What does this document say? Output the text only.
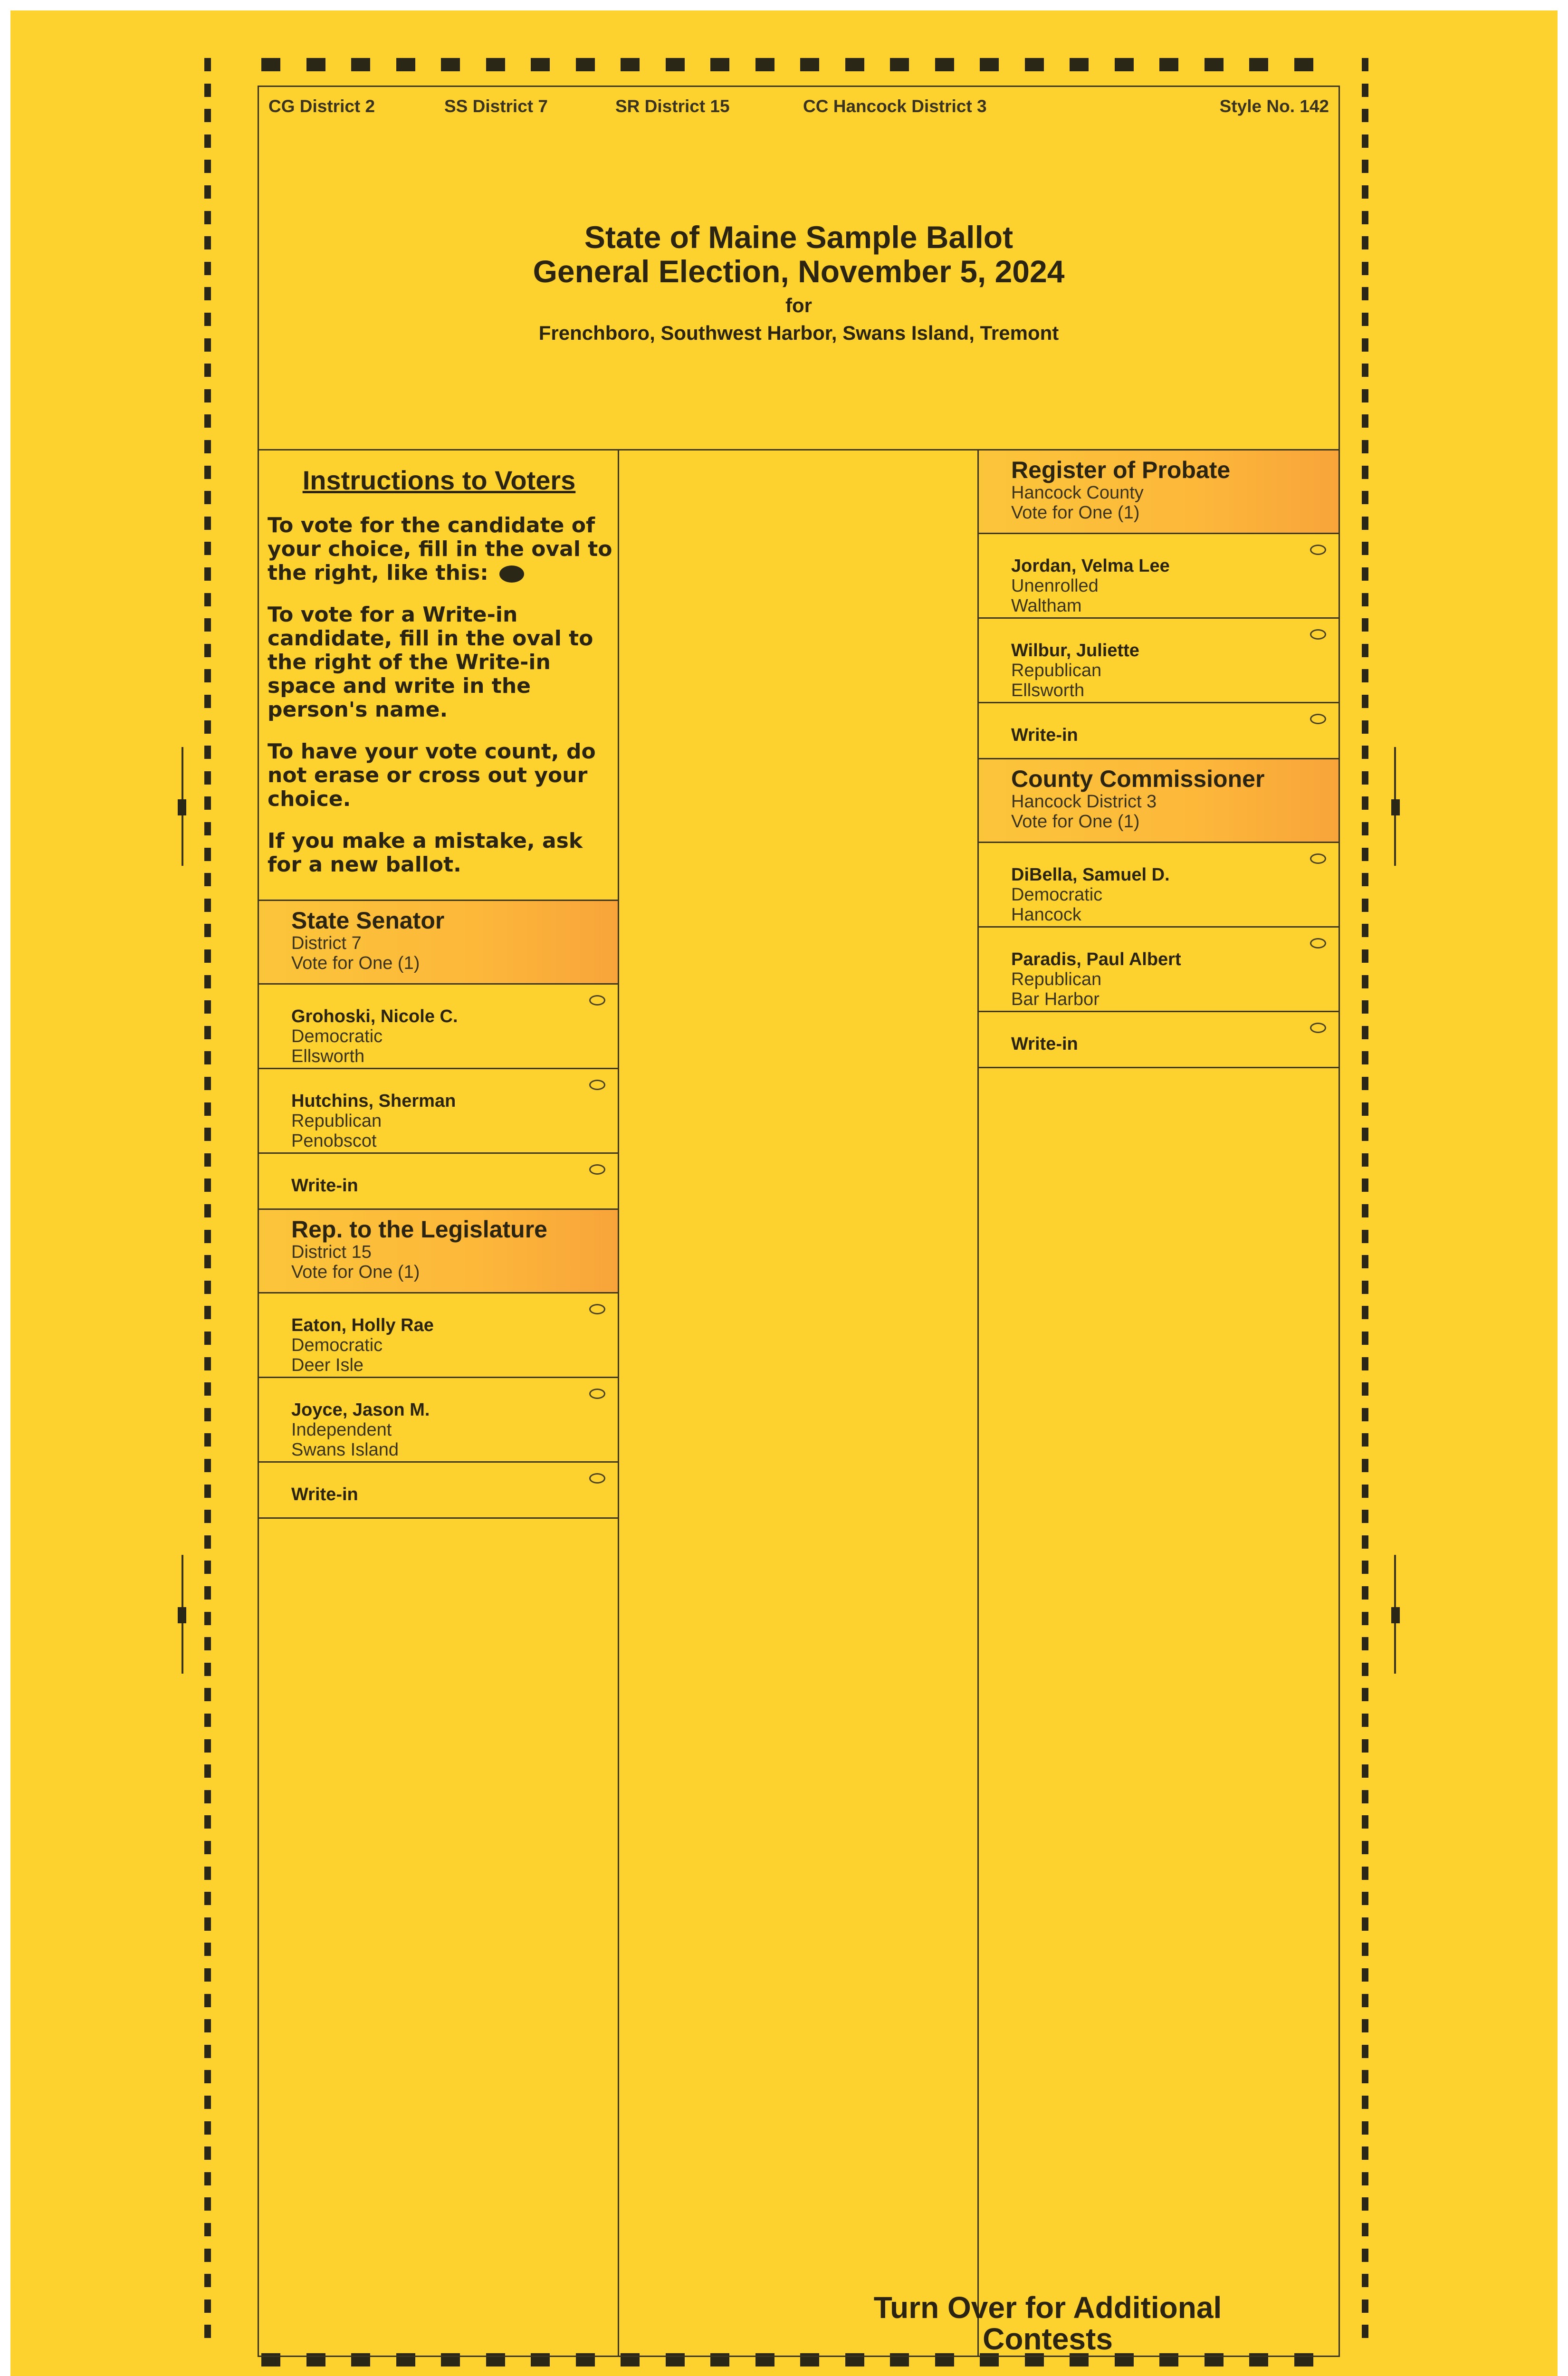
CG District 2	SS District 7	SR District 15	CC Hancock District 3	Style No. 142
State of Maine Sample Ballot
General Election, November 5, 2024
for
Frenchboro, Southwest Harbor, Swans Island, Tremont
Instructions to Voters
To vote for the candidate of your choice, fill in the oval to the right, like this:
To vote for a Write-in candidate, fill in the oval to the right of the Write-in space and write in the person's name.
To have your vote count, do not erase or cross out your choice.
If you make a mistake, ask for a new ballot.
State Senator
District 7
Vote for One (1)
Grohoski, Nicole C.
Democratic
Ellsworth
Hutchins, Sherman
Republican
Penobscot
Write-in
Rep. to the Legislature
District 15
Vote for One (1)
Eaton, Holly Rae
Democratic
Deer Isle
Joyce, Jason M.
Independent
Swans Island
Write-in
Register of Probate
Hancock County
Vote for One (1)
Jordan, Velma Lee
Unenrolled
Waltham
Wilbur, Juliette
Republican
Ellsworth
Write-in
County Commissioner
Hancock District 3
Vote for One (1)
DiBella, Samuel D.
Democratic
Hancock
Paradis, Paul Albert
Republican
Bar Harbor
Write-in
Turn Over for Additional Contests
